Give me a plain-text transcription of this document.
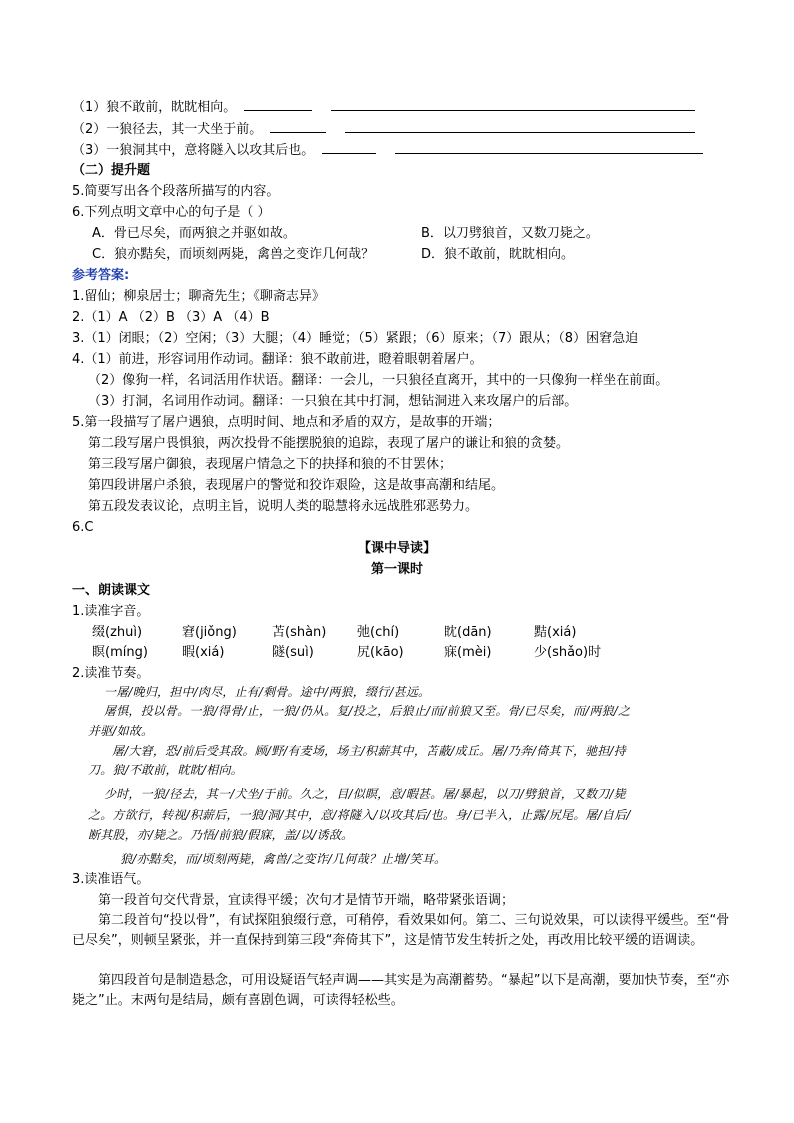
（1）狼不敢前，眈眈相向。
（2）一狼径去，其一犬坐于前。
（3）一狼洞其中，意将隧入以攻其后也。
（二）提升题
5.简要写出各个段落所描写的内容。
6.下列点明文章中心的句子是（ ）
A．骨已尽矣，而两狼之并驱如故。	B．以刀劈狼首，又数刀毙之。
C．狼亦黠矣，而顷刻两毙，禽兽之变诈几何哉？	D．狼不敢前，眈眈相向。
参考答案:
1.留仙；柳泉居士；聊斋先生；《聊斋志异》
2.（1）A （2）B （3）A （4）B
3.（1）闭眼；（2）空闲；（3）大腿；（4）睡觉；（5）紧跟；（6）原来；（7）跟从；（8）困窘急迫
4.（1）前进，形容词用作动词。翻译：狼不敢前进，瞪着眼朝着屠户。
（2）像狗一样，名词活用作状语。翻译：一会儿，一只狼径直离开，其中的一只像狗一样坐在前面。
（3）打洞，名词用作动词。翻译：一只狼在其中打洞，想钻洞进入来攻屠户的后部。
5.第一段描写了屠户遇狼，点明时间、地点和矛盾的双方，是故事的开端；
第二段写屠户畏惧狼，两次投骨不能摆脱狼的追踪，表现了屠户的谦让和狼的贪婪。
第三段写屠户御狼，表现屠户情急之下的抉择和狼的不甘罢休；
第四段讲屠户杀狼，表现屠户的警觉和狡诈艰险，这是故事高潮和结尾。
第五段发表议论，点明主旨，说明人类的聪慧将永远战胜邪恶势力。
6.C
【课中导读】
第一课时
一、朗读课文
1.读准字音。
缀(zhuì)	窘(jiǒng)	苫(shàn) 弛(chí)	眈(dān)	黠(xiá)
瞑(míng)	暇(xiá)	隧(suì)	尻(kāo)	寐(mèi)	少(shǎo)时
2.读准节奏。
一屠/晚归，担中/肉尽，止有/剩骨。途中/两狼，缀行/甚远。
屠惧，投以骨。一狼/得骨/止，一狼/仍从。复/投之，后狼止/而/前狼又至。骨/已尽矣，而/两狼/之
并驱/如故。
屠/大窘，恐/前后受其敌。顾/野/有麦场，场主/积薪其中，苫蔽/成丘。屠/乃奔/倚其下，驰担/持
刀。狼/不敢前，眈眈/相向。
少时，一狼/径去，其一/犬坐/于前。久之，目/似瞑，意/暇甚。屠/暴起，以刀/劈狼首，又数刀/毙
之。方欲行，转视/积薪后，一狼/洞/其中，意/将隧入/以攻其后/也。身/已半入，止露/尻尾。屠/自后/
断其股，亦/毙之。乃悟/前狼/假寐，盖/以/诱敌。
狼/亦黠矣，而/顷刻两毙，禽兽/之变诈/几何哉？止增/笑耳。
3.读准语气。
第一段首句交代背景，宜读得平缓；次句才是情节开端，略带紧张语调；
第二段首句“投以骨”，有试探阻狼缀行意，可稍停，看效果如何。第二、三句说效果，可以读得平缓些。至“骨已尽矣”，则顿呈紧张，并一直保持到第三段“奔倚其下”，这是情节发生转折之处，再改用比较平缓的语调读。
第四段首句是制造悬念，可用设疑语气轻声调——其实是为高潮蓄势。“暴起”以下是高潮，要加快节奏，至“亦毙之”止。末两句是结局，颇有喜剧色调，可读得轻松些。
